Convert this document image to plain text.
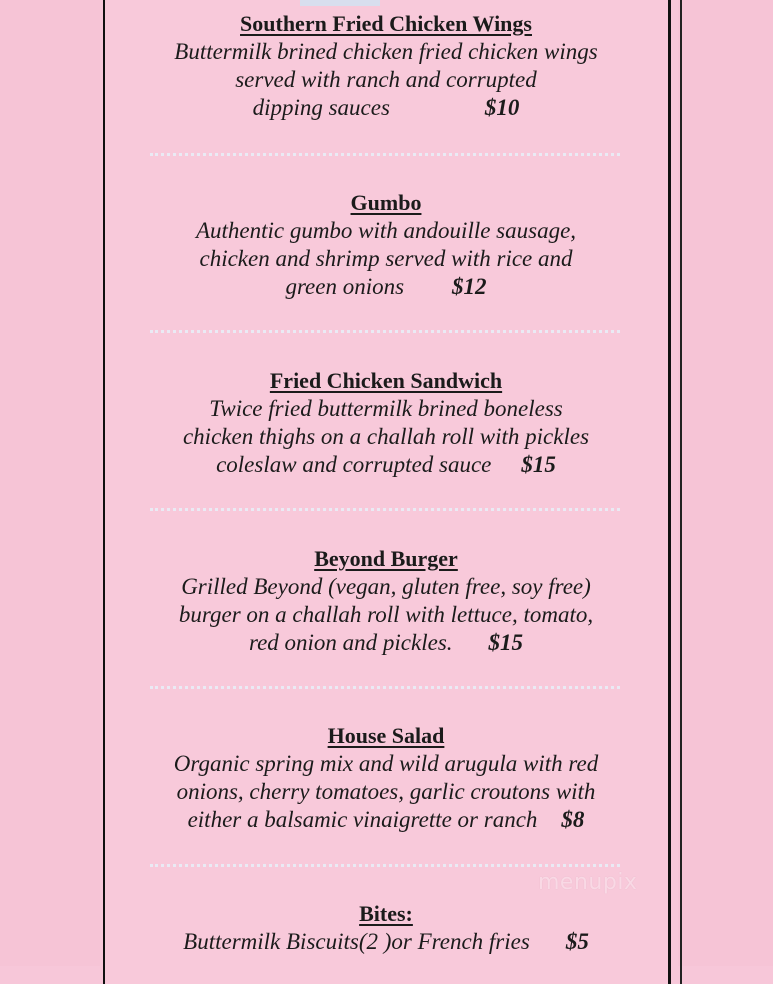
Southern Fried Chicken Wings

Buttermilk brined chicken fried chicken wings

served with ranch and corrupted

dipping sauces	$10

Gumbo

Authentic gumbo with andouille sausage,

chicken and shrimp served with rice and

green onions $12

Fried Chicken Sandwich

Twice fried buttermilk brined boneless

chicken thighs on a challah roll with pickles

coleslaw and corrupted sauce $15

Beyond Burger

Grilled Beyond (vegan, gluten free, soy free)

burger on a challah roll with lettuce, tomato,

red onion and pickles. $15

House Salad

Organic spring mix and wild arugula with red

onions, cherry tomatoes, garlic croutons with

either a balsamic vinaigrette or ranch $8

Bites:

Buttermilk Biscuits(2 )or French fries $5

menupix
